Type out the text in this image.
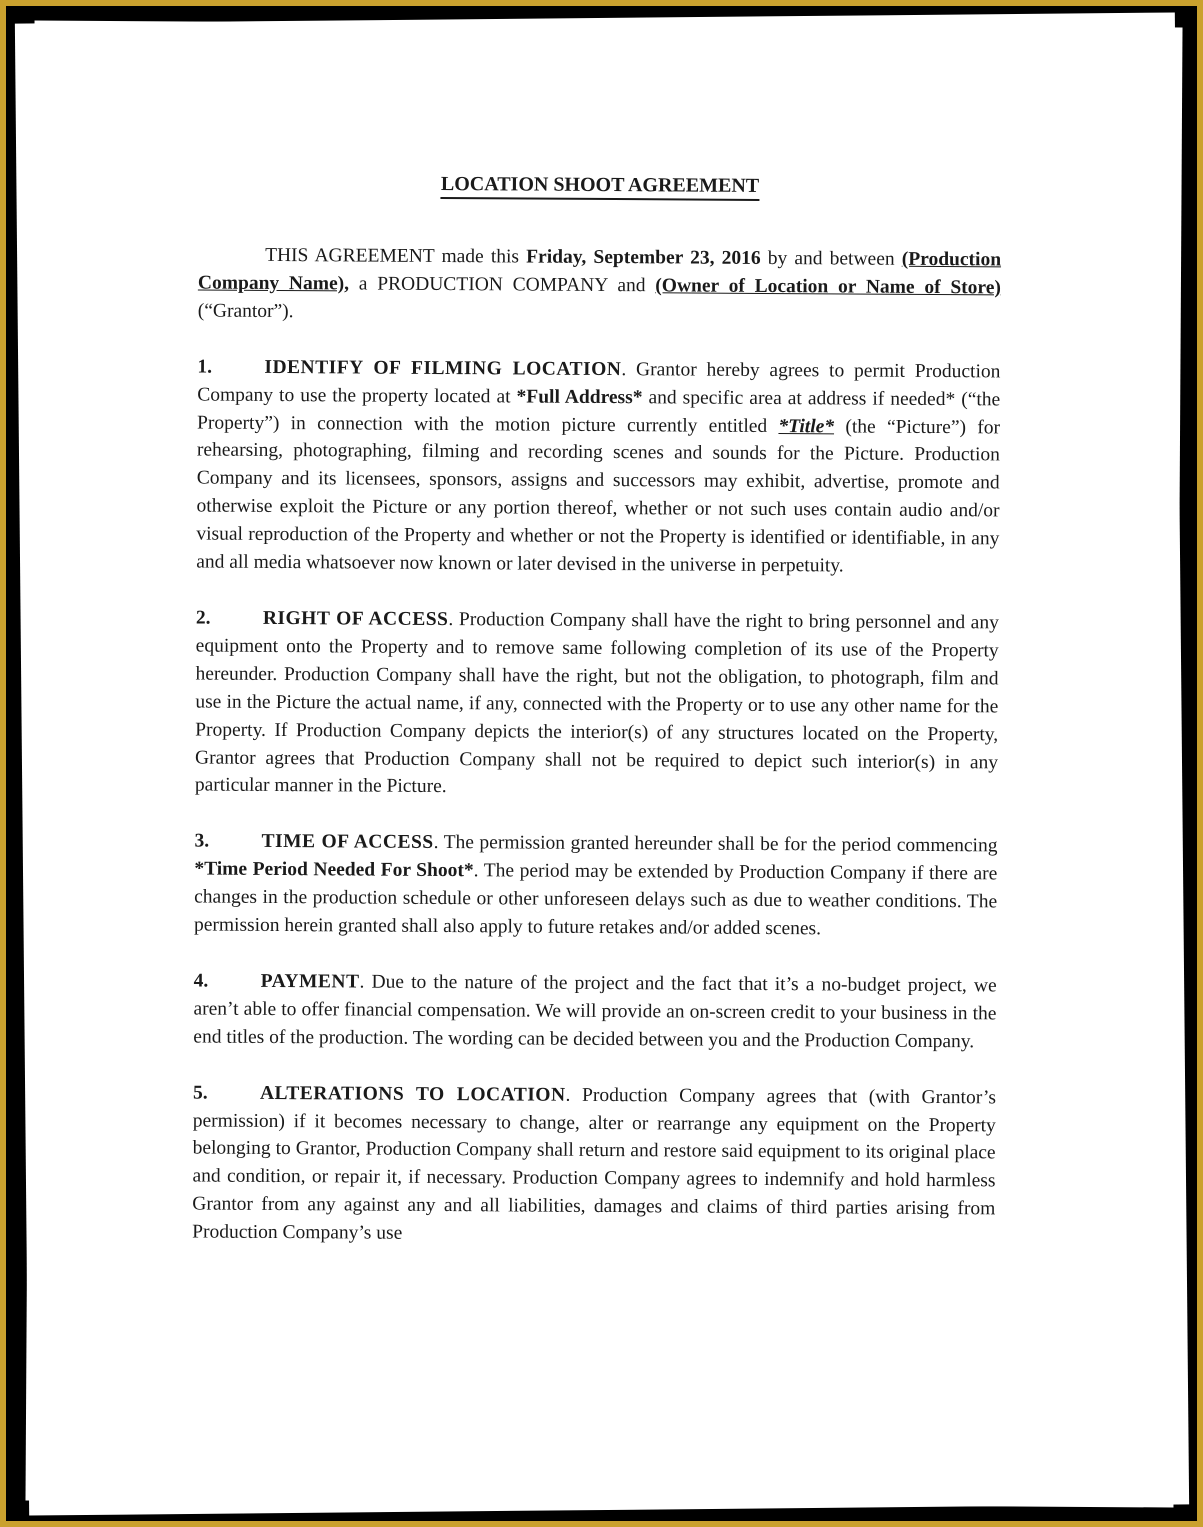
LOCATION SHOOT AGREEMENT

THIS AGREEMENT made this Friday, September 23, 2016 by and between (Production Company Name), a PRODUCTION COMPANY and (Owner of Location or Name of Store) (“Grantor”).

1.	IDENTIFY OF FILMING LOCATION. Grantor hereby agrees to permit Production Company to use the property located at *Full Address* and specific area at address if needed* (“the Property”) in connection with the motion picture currently entitled *Title* (the “Picture”) for rehearsing, photographing, filming and recording scenes and sounds for the Picture. Production Company and its licensees, sponsors, assigns and successors may exhibit, advertise, promote and otherwise exploit the Picture or any portion thereof, whether or not such uses contain audio and/or visual reproduction of the Property and whether or not the Property is identified or identifiable, in any and all media whatsoever now known or later devised in the universe in perpetuity.

2.	RIGHT OF ACCESS. Production Company shall have the right to bring personnel and any equipment onto the Property and to remove same following completion of its use of the Property hereunder. Production Company shall have the right, but not the obligation, to photograph, film and use in the Picture the actual name, if any, connected with the Property or to use any other name for the Property. If Production Company depicts the interior(s) of any structures located on the Property, Grantor agrees that Production Company shall not be required to depict such interior(s) in any particular manner in the Picture.

3.	TIME OF ACCESS. The permission granted hereunder shall be for the period commencing *Time Period Needed For Shoot*. The period may be extended by Production Company if there are changes in the production schedule or other unforeseen delays such as due to weather conditions. The permission herein granted shall also apply to future retakes and/or added scenes.

4.	PAYMENT. Due to the nature of the project and the fact that it’s a no-budget project, we aren’t able to offer financial compensation. We will provide an on-screen credit to your business in the end titles of the production. The wording can be decided between you and the Production Company.

5.	ALTERATIONS TO LOCATION. Production Company agrees that (with Grantor’s permission) if it becomes necessary to change, alter or rearrange any equipment on the Property belonging to Grantor, Production Company shall return and restore said equipment to its original place and condition, or repair it, if necessary. Production Company agrees to indemnify and hold harmless Grantor from any against any and all liabilities, damages and claims of third parties arising from Production Company’s use
